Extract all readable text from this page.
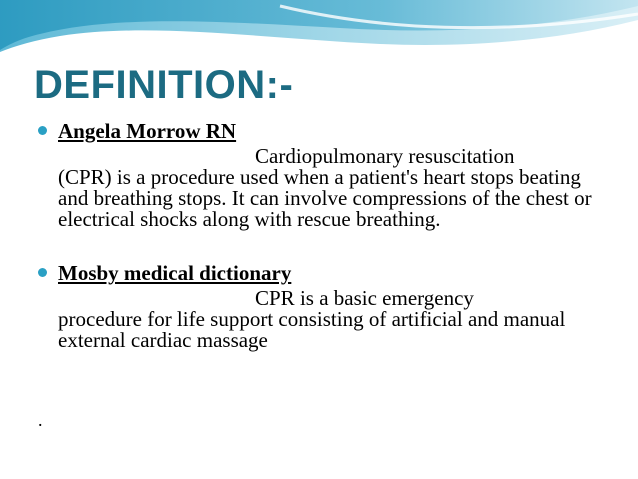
DEFINITION:-
Angela Morrow RN
Cardiopulmonary resuscitation
(CPR) is a procedure used when a patient's heart stops beating and breathing stops. It can involve compressions of the chest or electrical shocks along with rescue breathing.
Mosby medical dictionary
CPR is a basic emergency
procedure for life support consisting of artificial and manual external cardiac massage
.
